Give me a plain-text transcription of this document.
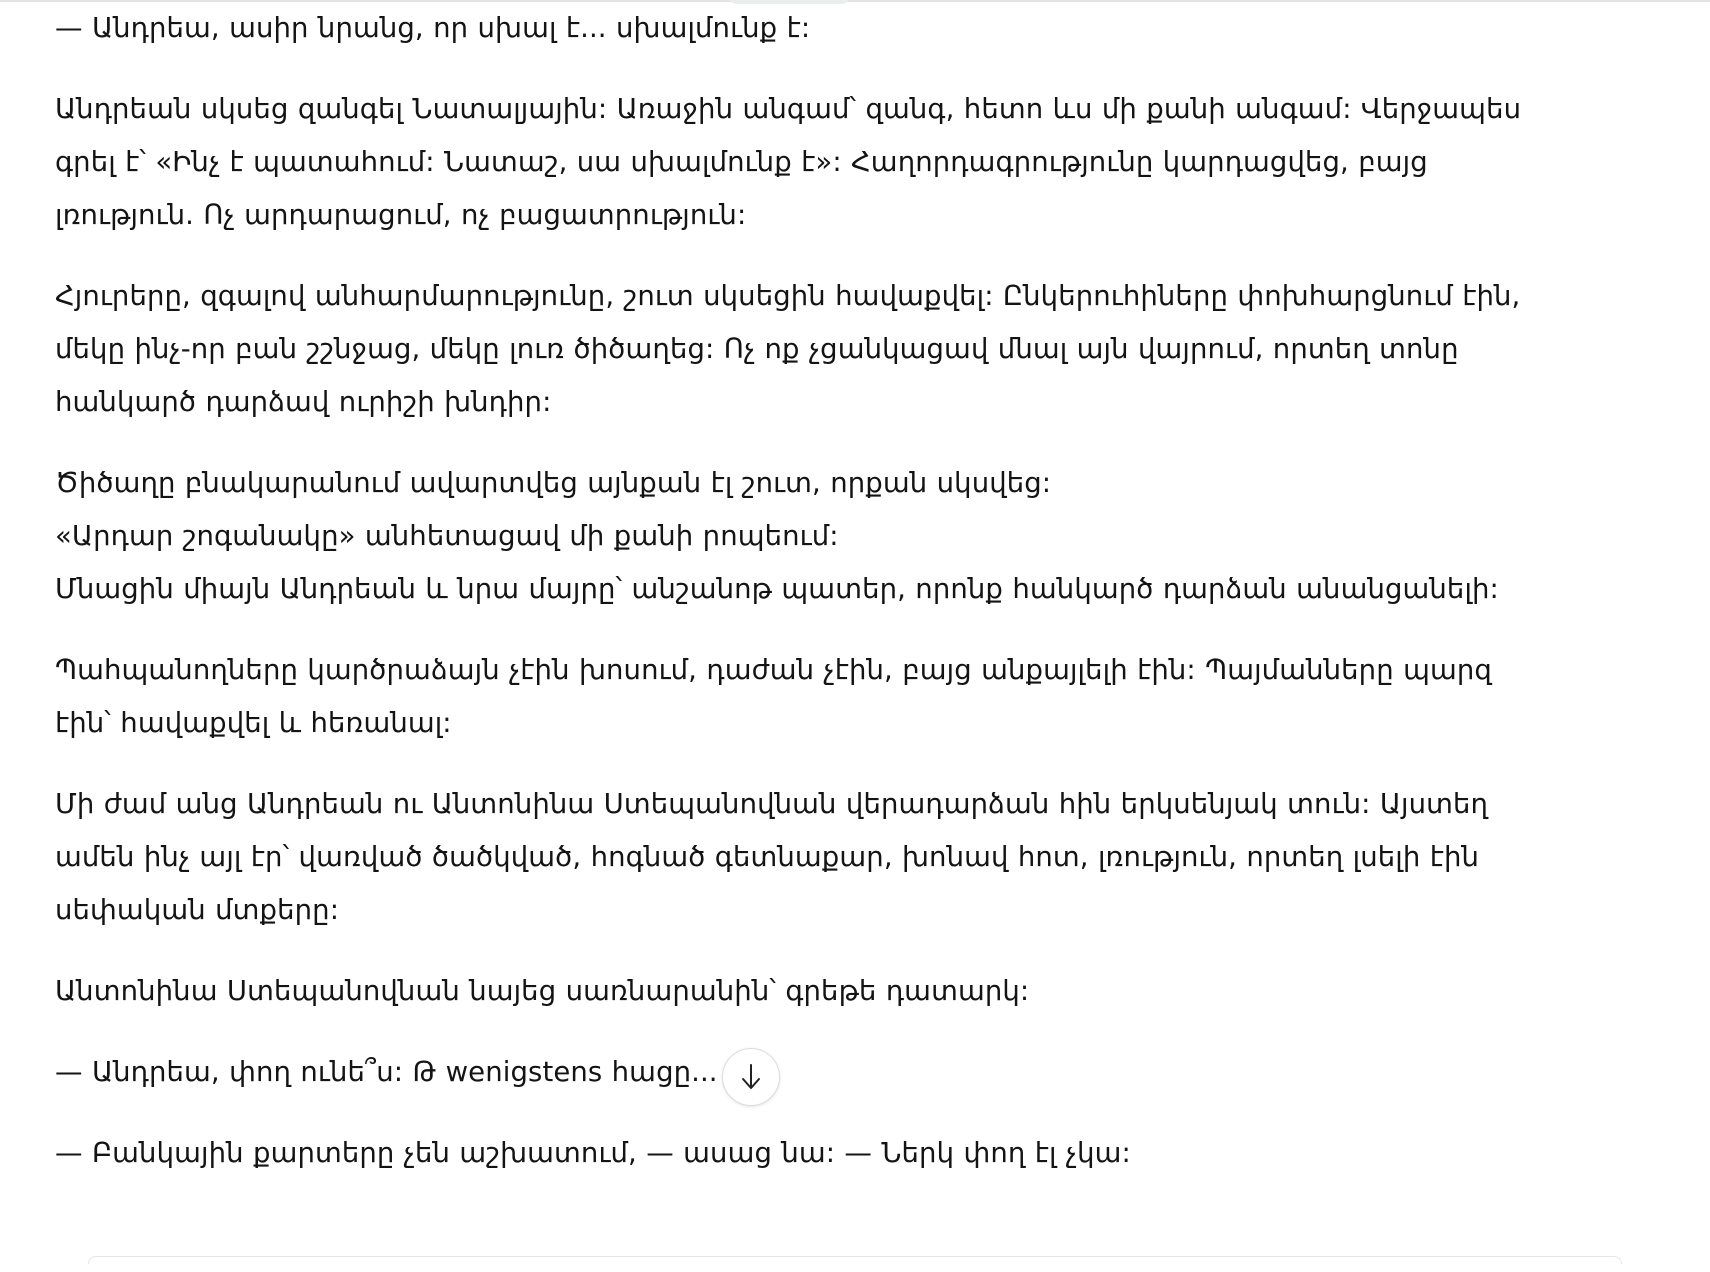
— Անդրեա, ասիր նրանց, որ սխալ է... սխալմունք է:

Անդրեան սկսեց զանգել Նատալյային: Առաջին անգամ՝ զանգ, հետո ևս մի քանի անգամ: Վերջապես գրել է՝ «Ինչ է պատահում: Նատաշ, սա սխալմունք է»: Հաղորդագրությունը կարդացվեց, բայց լռություն. Ոչ արդարացում, ոչ բացատրություն:

Հյուրերը, զգալով անհարմարությունը, շուտ սկսեցին հավաքվել: Ընկերուհիները փոխհարցնում էին, մեկը ինչ-որ բան շշնջաց, մեկը լուռ ծիծաղեց: Ոչ ոք չցանկացավ մնալ այն վայրում, որտեղ տոնը հանկարծ դարձավ ուրիշի խնդիր:

Ծիծաղը բնակարանում ավարտվեց այնքան էլ շուտ, որքան սկսվեց:

«Արդար շոգանակը» անհետացավ մի քանի րոպեում:

Մնացին միայն Անդրեան և նրա մայրը՝ անշանոթ պատեր, որոնք հանկարծ դարձան անանցանելի:

Պահպանողները կարծրաձայն չէին խոսում, դաժան չէին, բայց անքայլելի էին: Պայմանները պարզ էին՝ հավաքվել և հեռանալ:

Մի ժամ անց Անդրեան ու Անտոնինա Ստեպանովնան վերադարձան հին երկսենյակ տուն: Այստեղ ամեն ինչ այլ էր՝ վառված ծածկված, հոգնած գետնաքար, խոնավ հոտ, լռություն, որտեղ լսելի էին սեփական մտքերը:

Անտոնինա Ստեպանովնան նայեց սառնարանին՝ գրեթե դատարկ:

— Անդրեա, փող ունե՞ս: Թ wenigstens հացը...

— Բանկային քարտերը չեն աշխատում, — ասաց նա: — Ներկ փող էլ չկա:
